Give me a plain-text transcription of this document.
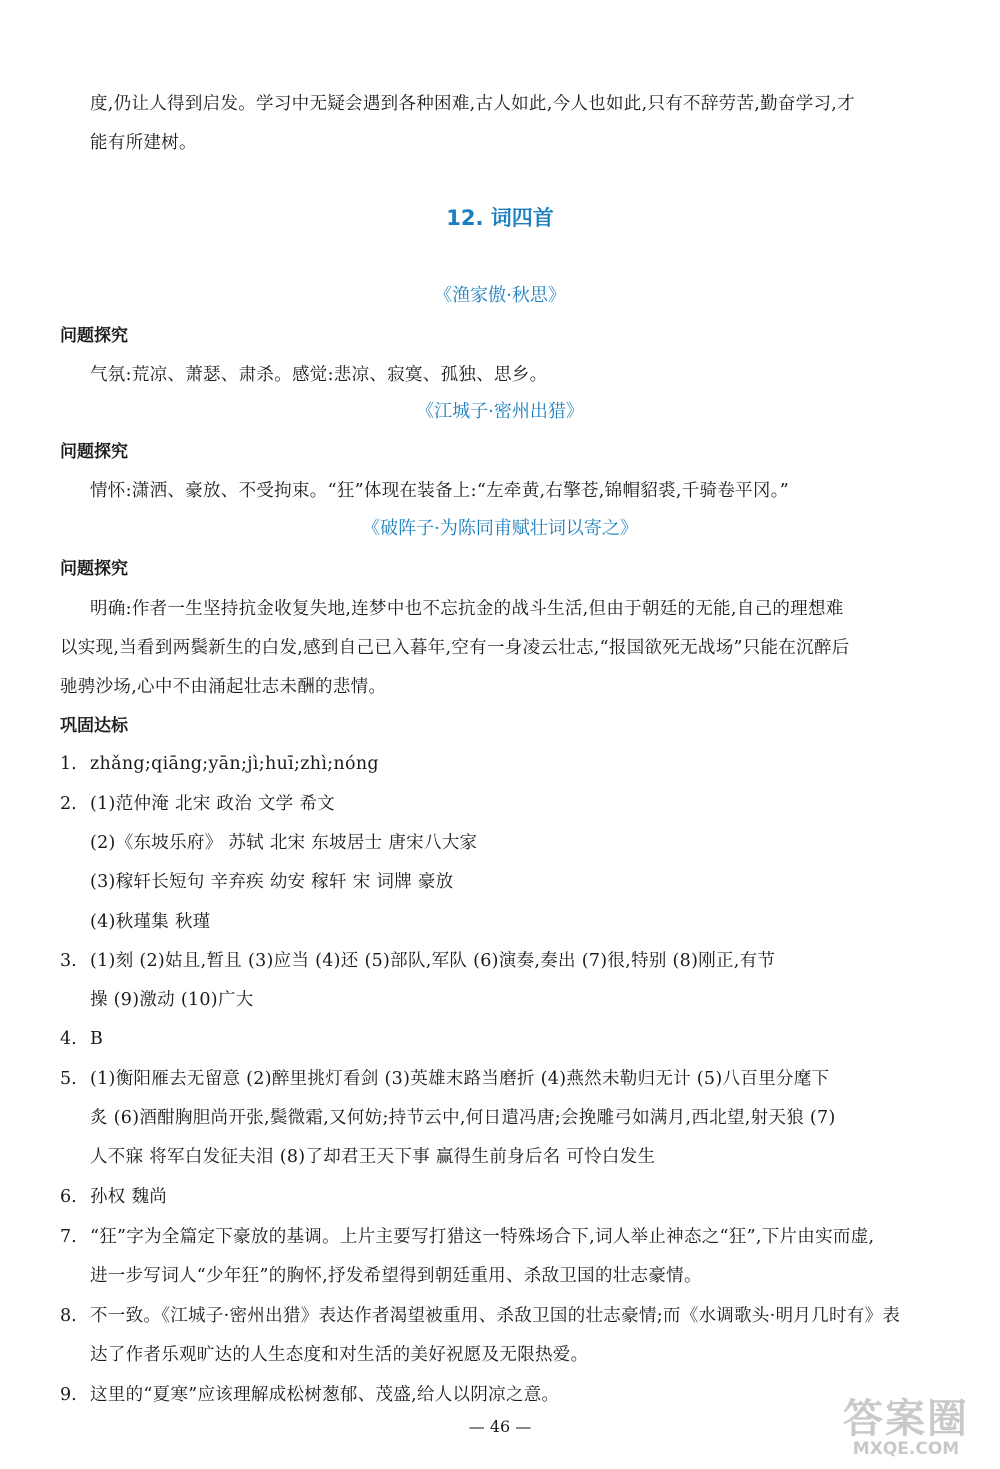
度,仍让人得到启发。学习中无疑会遇到各种困难,古人如此,今人也如此,只有不辞劳苦,勤奋学习,才
能有所建树。
12. 词四首
《渔家傲·秋思》
问题探究
气氛:荒凉、萧瑟、肃杀。感觉:悲凉、寂寞、孤独、思乡。
《江城子·密州出猎》
问题探究
情怀:潇洒、豪放、不受拘束。“狂”体现在装备上:“左牵黄,右擎苍,锦帽貂裘,千骑卷平冈。”
《破阵子·为陈同甫赋壮词以寄之》
问题探究
明确:作者一生坚持抗金收复失地,连梦中也不忘抗金的战斗生活,但由于朝廷的无能,自己的理想难
以实现,当看到两鬓新生的白发,感到自己已入暮年,空有一身凌云壮志,“报国欲死无战场”只能在沉醉后
驰骋沙场,心中不由涌起壮志未酬的悲情。
巩固达标
1. zhǎng;qiāng;yān;jì;huī;zhì;nóng
2. (1)范仲淹 北宋 政治 文学 希文
(2)《东坡乐府》 苏轼 北宋 东坡居士 唐宋八大家
(3)稼轩长短句 辛弃疾 幼安 稼轩 宋 词牌 豪放
(4)秋瑾集 秋瑾
3. (1)刻 (2)姑且,暂且 (3)应当 (4)还 (5)部队,军队 (6)演奏,奏出 (7)很,特别 (8)刚正,有节
操 (9)激动 (10)广大
4. B
5. (1)衡阳雁去无留意 (2)醉里挑灯看剑 (3)英雄末路当磨折 (4)燕然未勒归无计 (5)八百里分麾下
炙 (6)酒酣胸胆尚开张,鬓微霜,又何妨;持节云中,何日遣冯唐;会挽雕弓如满月,西北望,射天狼 (7)
人不寐 将军白发征夫泪 (8)了却君王天下事 赢得生前身后名 可怜白发生
6. 孙权 魏尚
7. “狂”字为全篇定下豪放的基调。上片主要写打猎这一特殊场合下,词人举止神态之“狂”,下片由实而虚,
进一步写词人“少年狂”的胸怀,抒发希望得到朝廷重用、杀敌卫国的壮志豪情。
8. 不一致。《江城子·密州出猎》表达作者渴望被重用、杀敌卫国的壮志豪情;而《水调歌头·明月几时有》表
达了作者乐观旷达的人生态度和对生活的美好祝愿及无限热爱。
9. 这里的“夏寒”应该理解成松树葱郁、茂盛,给人以阴凉之意。
— 46 —	答案圈
MXQE.COM
